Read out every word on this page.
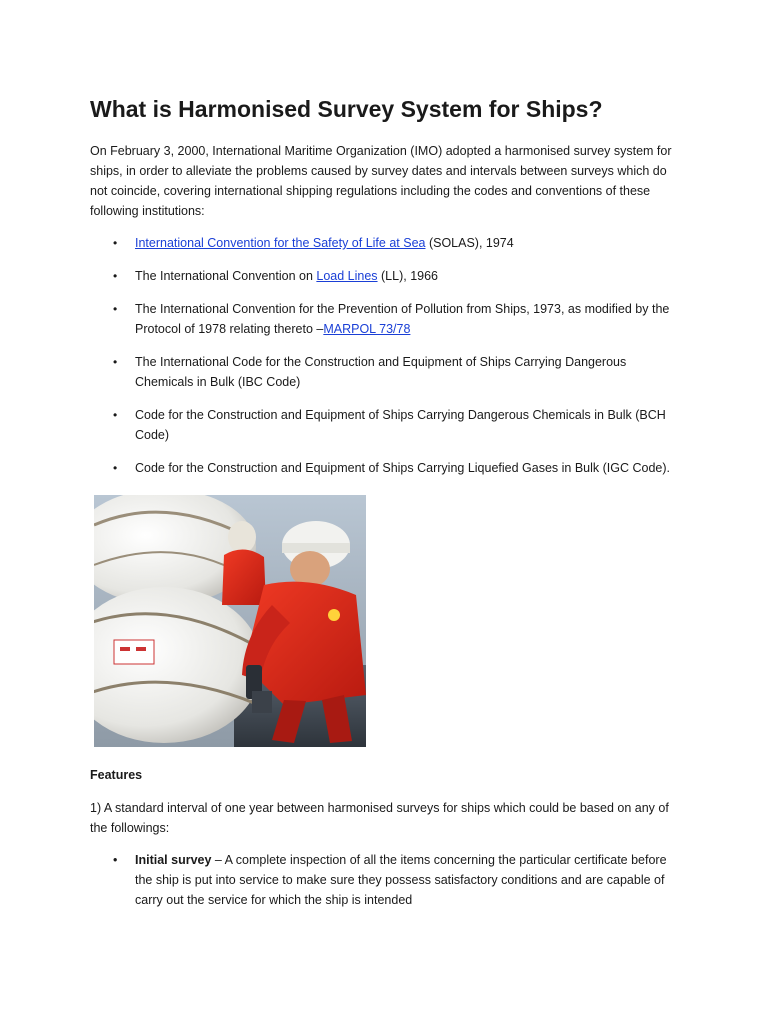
What is Harmonised Survey System for Ships?

On February 3, 2000, International Maritime Organization (IMO) adopted a harmonised survey system for ships, in order to alleviate the problems caused by survey dates and intervals between surveys which do not coincide, covering international shipping regulations including the codes and conventions of these following institutions:

• International Convention for the Safety of Life at Sea (SOLAS), 1974
• The International Convention on Load Lines (LL), 1966
• The International Convention for the Prevention of Pollution from Ships, 1973, as modified by the Protocol of 1978 relating thereto –MARPOL 73/78
• The International Code for the Construction and Equipment of Ships Carrying Dangerous Chemicals in Bulk (IBC Code)
• Code for the Construction and Equipment of Ships Carrying Dangerous Chemicals in Bulk (BCH Code)
• Code for the Construction and Equipment of Ships Carrying Liquefied Gases in Bulk (IGC Code).

Features

1) A standard interval of one year between harmonised surveys for ships which could be based on any of the followings:

• Initial survey – A complete inspection of all the items concerning the particular certificate before the ship is put into service to make sure they possess satisfactory conditions and are capable of carry out the service for which the ship is intended
